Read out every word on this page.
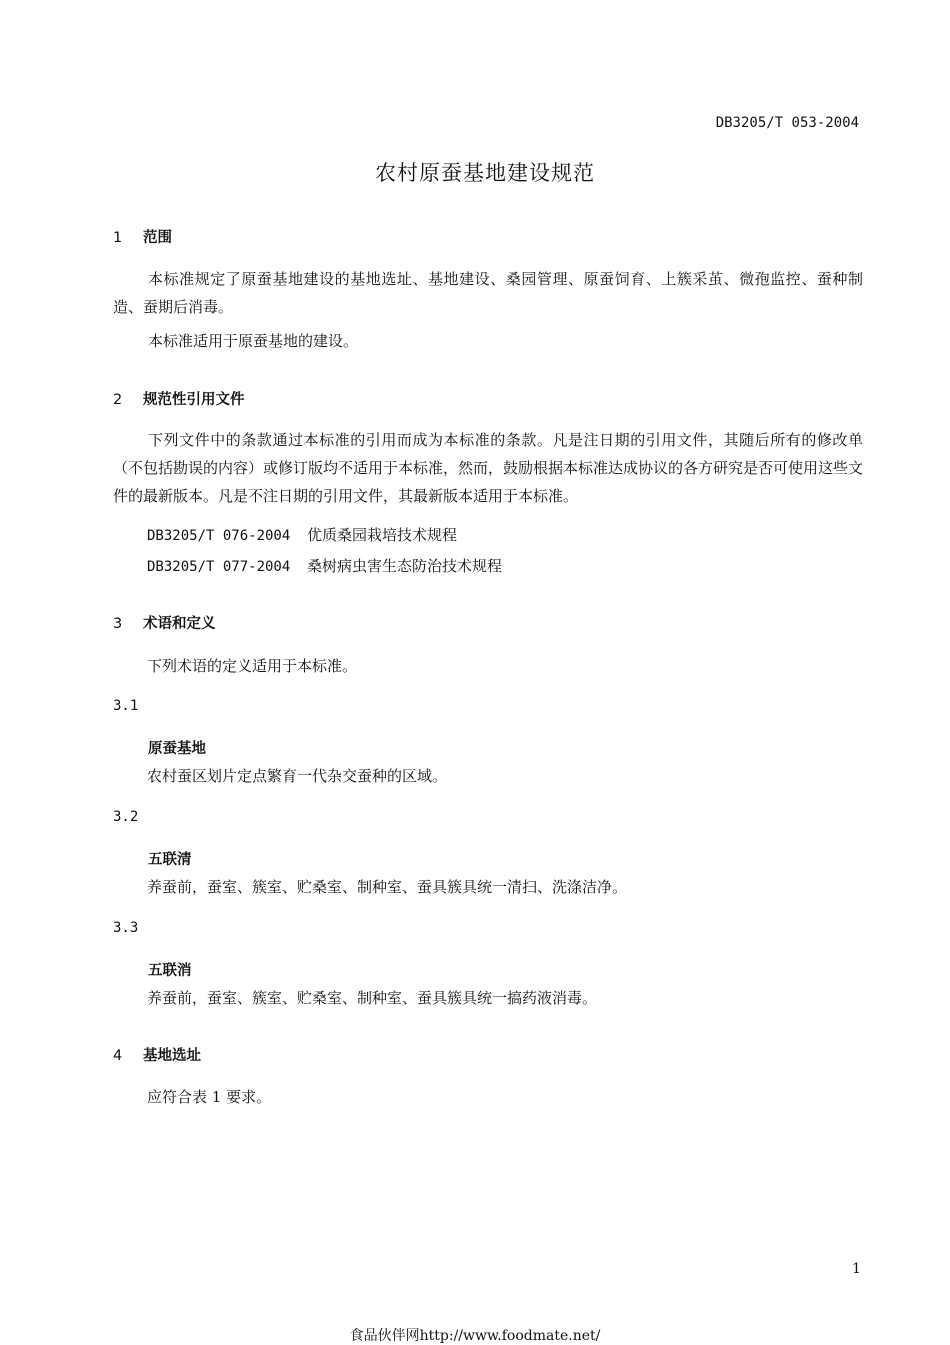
DB3205/T 053-2004
农村原蚕基地建设规范
1 范围
本标准规定了原蚕基地建设的基地选址、基地建设、桑园管理、原蚕饲育、上簇采茧、微孢监控、蚕种制造、蚕期后消毒。
本标准适用于原蚕基地的建设。
2 规范性引用文件
下列文件中的条款通过本标准的引用而成为本标准的条款。凡是注日期的引用文件，其随后所有的修改单（不包括勘误的内容）或修订版均不适用于本标准，然而，鼓励根据本标准达成协议的各方研究是否可使用这些文件的最新版本。凡是不注日期的引用文件，其最新版本适用于本标准。
DB3205/T 076-2004 优质桑园栽培技术规程
DB3205/T 077-2004 桑树病虫害生态防治技术规程
3 术语和定义
下列术语的定义适用于本标准。
3.1
原蚕基地
农村蚕区划片定点繁育一代杂交蚕种的区域。
3.2
五联清
养蚕前，蚕室、簇室、贮桑室、制种室、蚕具簇具统一清扫、洗涤洁净。
3.3
五联消
养蚕前，蚕室、簇室、贮桑室、制种室、蚕具簇具统一搞药液消毒。
4 基地选址
应符合表 1 要求。
1
食品伙伴网http://www.foodmate.net/
